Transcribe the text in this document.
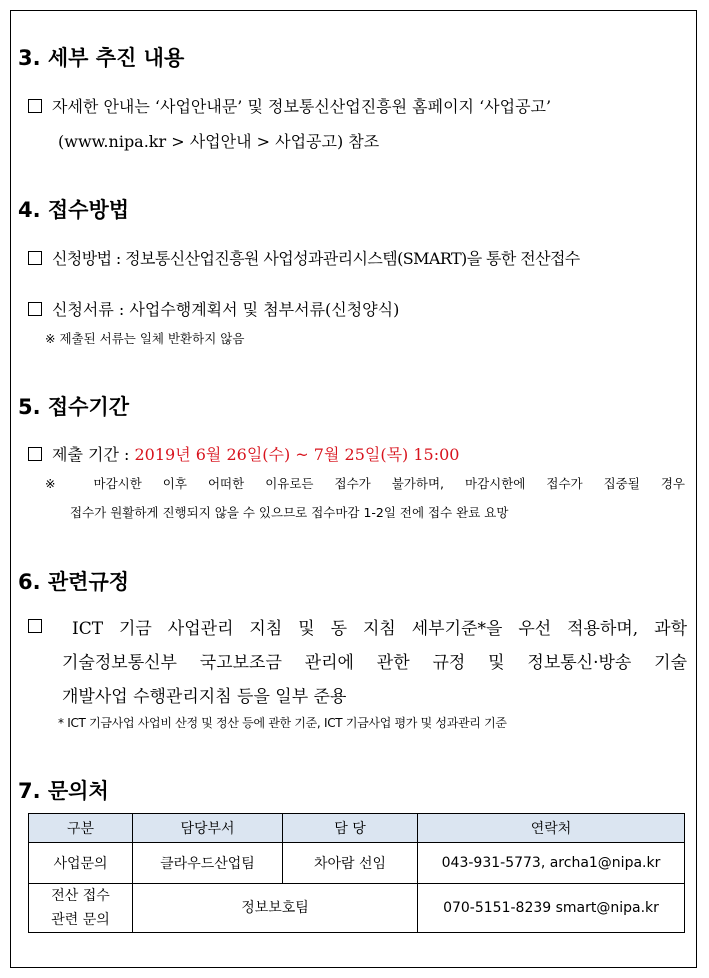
3. 세부 추진 내용
자세한 안내는 ‘사업안내문’ 및 정보통신산업진흥원 홈페이지 ‘사업공고’
(www.nipa.kr > 사업안내 > 사업공고) 참조
4. 접수방법
신청방법 : 정보통신산업진흥원 사업성과관리시스템(SMART)을 통한 전산접수
신청서류 : 사업수행계획서 및 첨부서류(신청양식)
※ 제출된 서류는 일체 반환하지 않음
5. 접수기간
제출 기간 : 2019년 6월 26일(수) ~ 7월 25일(목) 15:00
※ 마감시한 이후 어떠한 이유로든 접수가 불가하며, 마감시한에 접수가 집중될 경우
접수가 원활하게 진행되지 않을 수 있으므로 접수마감 1-2일 전에 접수 완료 요망
6. 관련규정
ICT 기금 사업관리 지침 및 동 지침 세부기준*을 우선 적용하며, 과학
기술정보통신부 국고보조금 관리에 관한 규정 및 정보통신·방송 기술
개발사업 수행관리지침 등을 일부 준용
* ICT 기금사업 사업비 산정 및 정산 등에 관한 기준, ICT 기금사업 평가 및 성과관리 기준
7. 문의처
구분	담당부서	담 당	연락처
사업문의	클라우드산업팀	차아람 선임	043-931-5773, archa1@nipa.kr

전산 접수
관련 문의	정보보호팀		070-5151-8239 smart@nipa.kr
